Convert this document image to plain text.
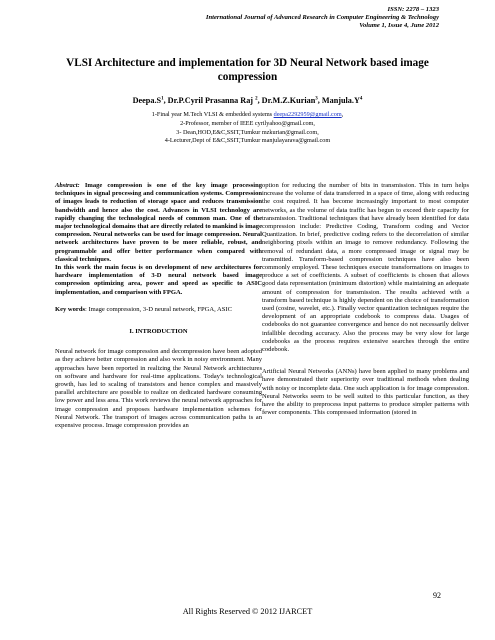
ISSN: 2278 – 1323
International Journal of Advanced Research in Computer Engineering & Technology
Volume 1, Issue 4, June 2012
VLSI Architecture and implementation for 3D Neural Network based image compression
$Deepa.S^1$, Dr.P.Cyril Prasanna Raj $^2$, Dr.M.Z.Kurian$^3$, $Manjula.Y^4$
1-Final year M.Tech VLSI & embedded systems deepa2292959@gmail.com,
2-Professor, member of IEEE cyrilyahoo@gmail.com,
3- Dean,HOD,E&C,SSIT,Tumkur mzkurian@gmail.com,
4-Lecturer,Dept of E&C,SSIT,Tumkur manjulayarava@gmail.com

Abstract: Image compression is one of the key image processing techniques in signal processing and communication systems. Compression of images leads to reduction of storage space and reduces transmission bandwidth and hence also the cost. Advances in VLSI technology are rapidly changing the technological needs of common man. One of the major technological domains that are directly related to mankind is image compression. Neural networks can be used for image compression. Neural network architectures have proven to be more reliable, robust, and programmable and offer better performance when compared with classical techniques.

In this work the main focus is on development of new architectures for hardware implementation of 3-D neural network based image compression optimizing area, power and speed as specific to ASIC implementation, and comparison with FPGA.

Key words: Image compression, 3-D neural network, FPGA, ASIC

I. INTRODUCTION

Neural network for image compression and decompression have been adopted as they achieve better compression and also work in noisy environment. Many approaches have been reported in realizing the Neural Network architectures on software and hardware for real-time applications. Today's technological growth, has led to scaling of transistors and hence complex and massively parallel architecture are possible to realize on dedicated hardware consuming low power and less area. This work reviews the neural network approaches for image compression and proposes hardware implementation schemes for Neural Network. The transport of images across communication paths is an expensive process. Image compression provides an

option for reducing the number of bits in transmission. This in turn helps increase the volume of data transferred in a space of time, along with reducing the cost required. It has become increasingly important to most computer networks, as the volume of data traffic has begun to exceed their capacity for transmission. Traditional techniques that have already been identified for data compression include: Predictive Coding, Transform coding and Vector Quantization. In brief, predictive coding refers to the decorrelation of similar neighboring pixels within an image to remove redundancy. Following the removal of redundant data, a more compressed image or signal may be transmitted. Transform-based compression techniques have also been commonly employed. These techniques execute transformations on images to produce a set of coefficients. A subset of coefficients is chosen that allows good data representation (minimum distortion) while maintaining an adequate amount of compression for transmission. The results achieved with a transform based technique is highly dependent on the choice of transformation used (cosine, wavelet, etc.). Finally vector quantization techniques require the development of an appropriate codebook to compress data. Usages of codebooks do not guarantee convergence and hence do not necessarily deliver infallible decoding accuracy. Also the process may be very slow for large codebooks as the process requires extensive searches through the entire codebook.

Artificial Neural Networks (ANNs) have been applied to many problems and have demonstrated their superiority over traditional methods when dealing with noisy or incomplete data. One such application is for image compression. Neural Networks seem to be well suited to this particular function, as they have the ability to preprocess input patterns to produce simpler patterns with fewer components. This compressed information (stored in

92
All Rights Reserved © 2012 IJARCET
